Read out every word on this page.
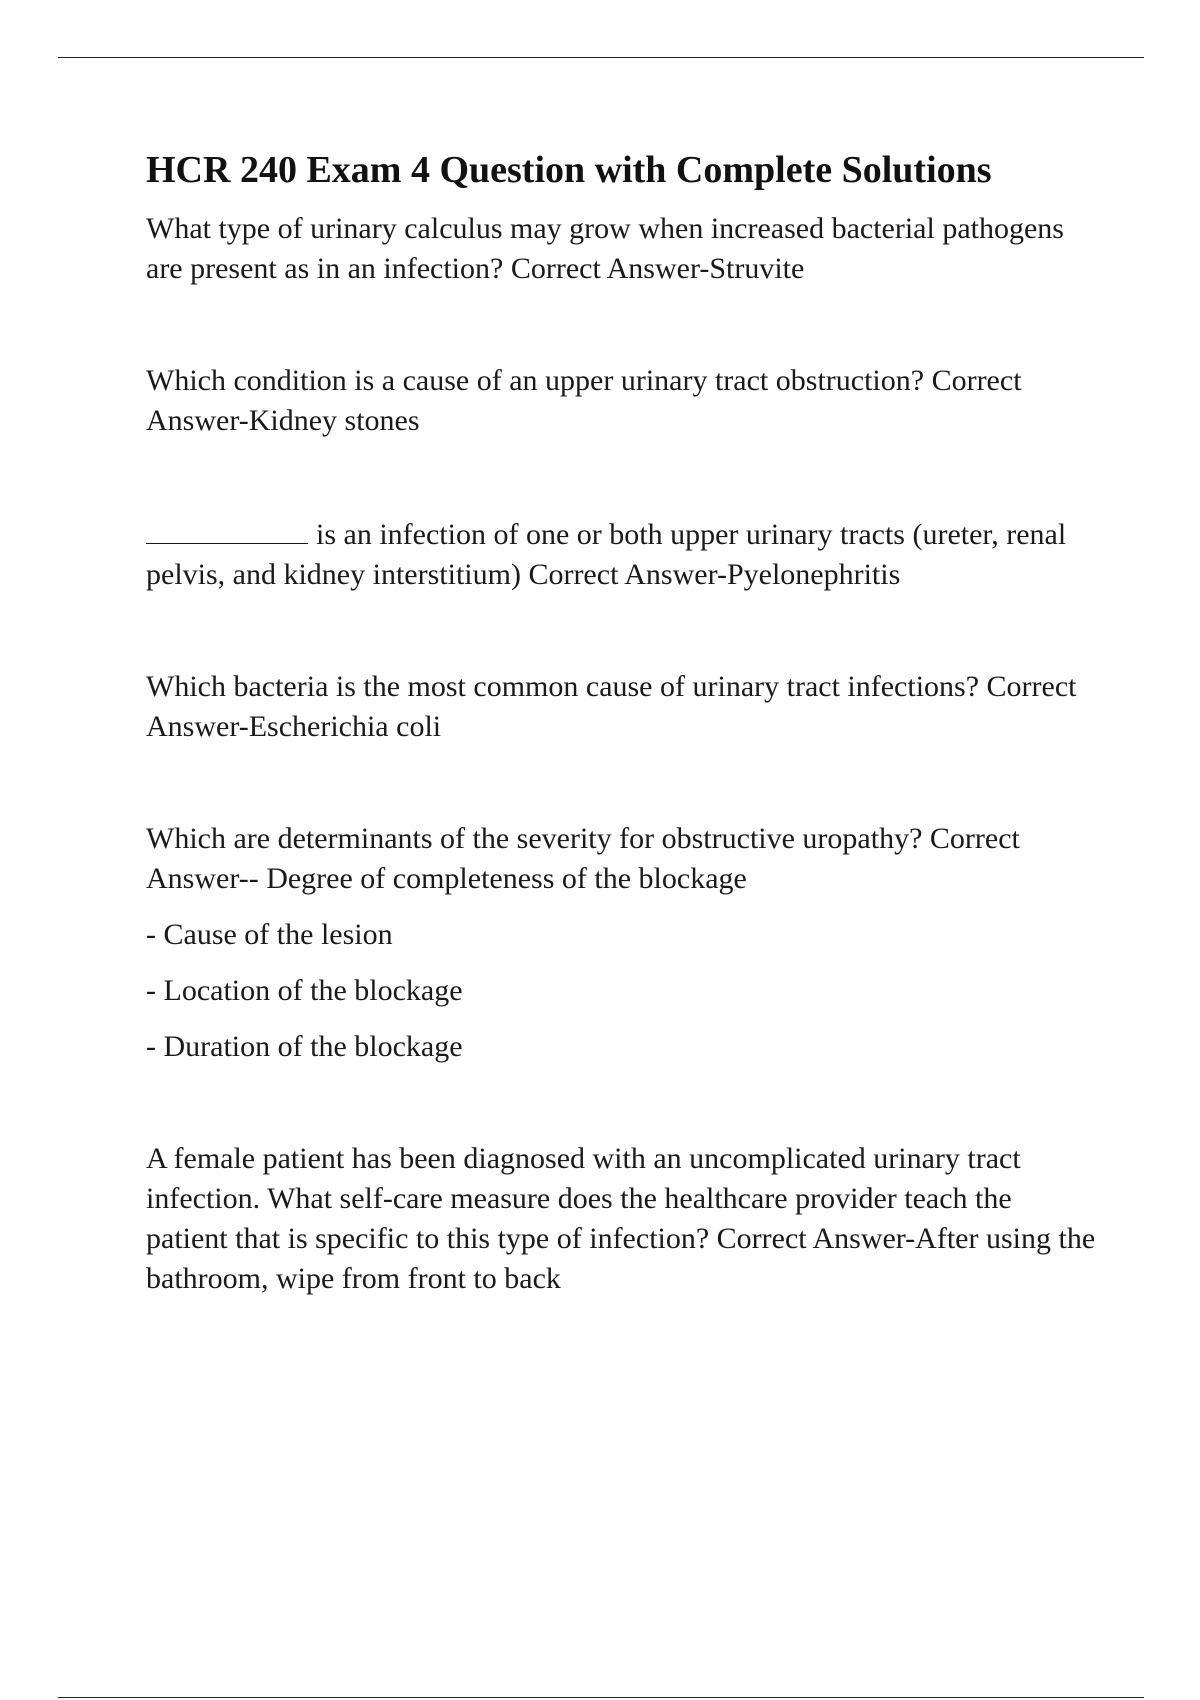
HCR 240 Exam 4 Question with Complete Solutions

What type of urinary calculus may grow when increased bacterial pathogens are present as in an infection? Correct Answer-Struvite

Which condition is a cause of an upper urinary tract obstruction? Correct Answer-Kidney stones

is an infection of one or both upper urinary tracts (ureter, renal pelvis, and kidney interstitium) Correct Answer-Pyelonephritis

Which bacteria is the most common cause of urinary tract infections? Correct Answer-Escherichia coli

Which are determinants of the severity for obstructive uropathy? Correct Answer-- Degree of completeness of the blockage

- Cause of the lesion

- Location of the blockage

- Duration of the blockage

A female patient has been diagnosed with an uncomplicated urinary tract infection. What self-care measure does the healthcare provider teach the patient that is specific to this type of infection? Correct Answer-After using the bathroom, wipe from front to back
